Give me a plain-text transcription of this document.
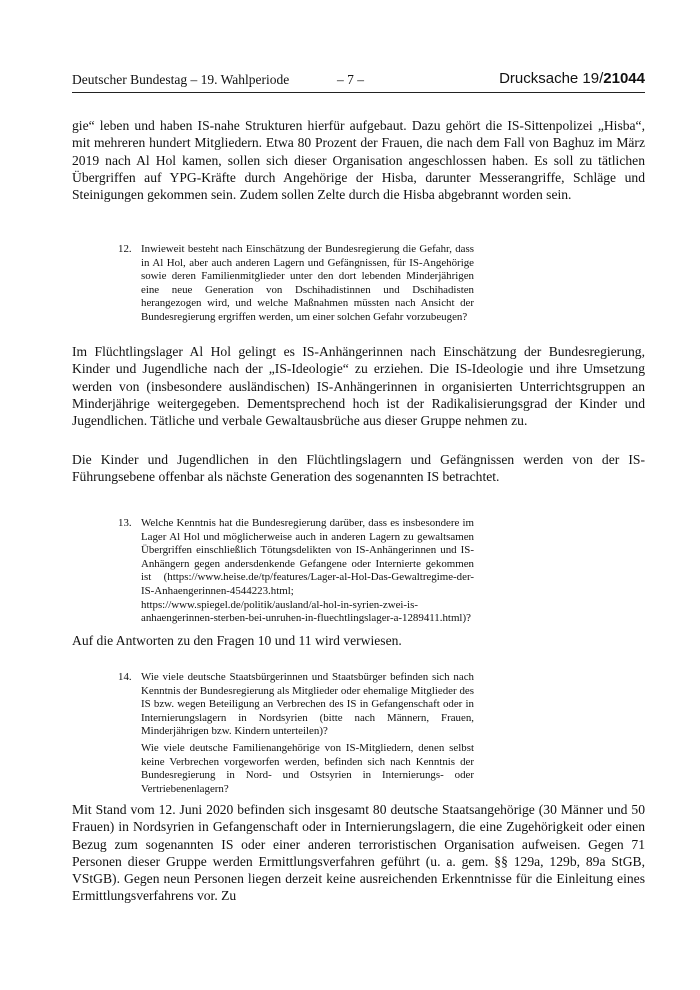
Deutscher Bundestag – 19. Wahlperiode	– 7 –	Drucksache 19/21044

gie“ leben und haben IS-nahe Strukturen hierfür aufgebaut. Dazu gehört die IS-Sittenpolizei „Hisba“, mit mehreren hundert Mitgliedern. Etwa 80 Prozent der Frauen, die nach dem Fall von Baghuz im März 2019 nach Al Hol kamen, sollen sich dieser Organisation angeschlossen haben. Es soll zu tätlichen Übergriffen auf YPG-Kräfte durch Angehörige der Hisba, darunter Messerangriffe, Schläge und Steinigungen gekommen sein. Zudem sollen Zelte durch die Hisba abgebrannt worden sein.

12. Inwieweit besteht nach Einschätzung der Bundesregierung die Gefahr, dass in Al Hol, aber auch anderen Lagern und Gefängnissen, für IS-Angehörige sowie deren Familienmitglieder unter den dort lebenden Minderjährigen eine neue Generation von Dschihadistinnen und Dschihadisten herangezogen wird, und welche Maßnahmen müssten nach Ansicht der Bundesregierung ergriffen werden, um einer solchen Gefahr vorzubeugen?

Im Flüchtlingslager Al Hol gelingt es IS-Anhängerinnen nach Einschätzung der Bundesregierung, Kinder und Jugendliche nach der „IS-Ideologie“ zu erziehen. Die IS-Ideologie und ihre Umsetzung werden von (insbesondere ausländischen) IS-Anhängerinnen in organisierten Unterrichtsgruppen an Minderjährige weitergegeben. Dementsprechend hoch ist der Radikalisierungsgrad der Kinder und Jugendlichen. Tätliche und verbale Gewaltausbrüche aus dieser Gruppe nehmen zu.

Die Kinder und Jugendlichen in den Flüchtlingslagern und Gefängnissen werden von der IS-Führungsebene offenbar als nächste Generation des sogenannten IS betrachtet.

13. Welche Kenntnis hat die Bundesregierung darüber, dass es insbesondere im Lager Al Hol und möglicherweise auch in anderen Lagern zu gewaltsamen Übergriffen einschließlich Tötungsdelikten von IS-Anhängerinnen und IS-Anhängern gegen andersdenkende Gefangene oder Internierte gekommen ist (https://www.heise.de/tp/features/Lager-al-Hol-Das-Gewaltregime-der-IS-Anhaengerinnen-4544223.html; https://www.spiegel.de/politik/ausland/al-hol-in-syrien-zwei-is-anhaengerinnen-sterben-bei-unruhen-in-fluechtlingslager-a-1289411.html)?

Auf die Antworten zu den Fragen 10 und 11 wird verwiesen.

14. Wie viele deutsche Staatsbürgerinnen und Staatsbürger befinden sich nach Kenntnis der Bundesregierung als Mitglieder oder ehemalige Mitglieder des IS bzw. wegen Beteiligung an Verbrechen des IS in Gefangenschaft oder in Internierungslagern in Nordsyrien (bitte nach Männern, Frauen, Minderjährigen bzw. Kindern unterteilen)?

Wie viele deutsche Familienangehörige von IS-Mitgliedern, denen selbst keine Verbrechen vorgeworfen werden, befinden sich nach Kenntnis der Bundesregierung in Nord- und Ostsyrien in Internierungs- oder Vertriebenenlagern?

Mit Stand vom 12. Juni 2020 befinden sich insgesamt 80 deutsche Staatsangehörige (30 Männer und 50 Frauen) in Nordsyrien in Gefangenschaft oder in Internierungslagern, die eine Zugehörigkeit oder einen Bezug zum sogenannten IS oder einer anderen terroristischen Organisation aufweisen. Gegen 71 Personen dieser Gruppe werden Ermittlungsverfahren geführt (u. a. gem. §§ 129a, 129b, 89a StGB, VStGB). Gegen neun Personen liegen derzeit keine ausreichenden Erkenntnisse für die Einleitung eines Ermittlungsverfahrens vor. Zu
